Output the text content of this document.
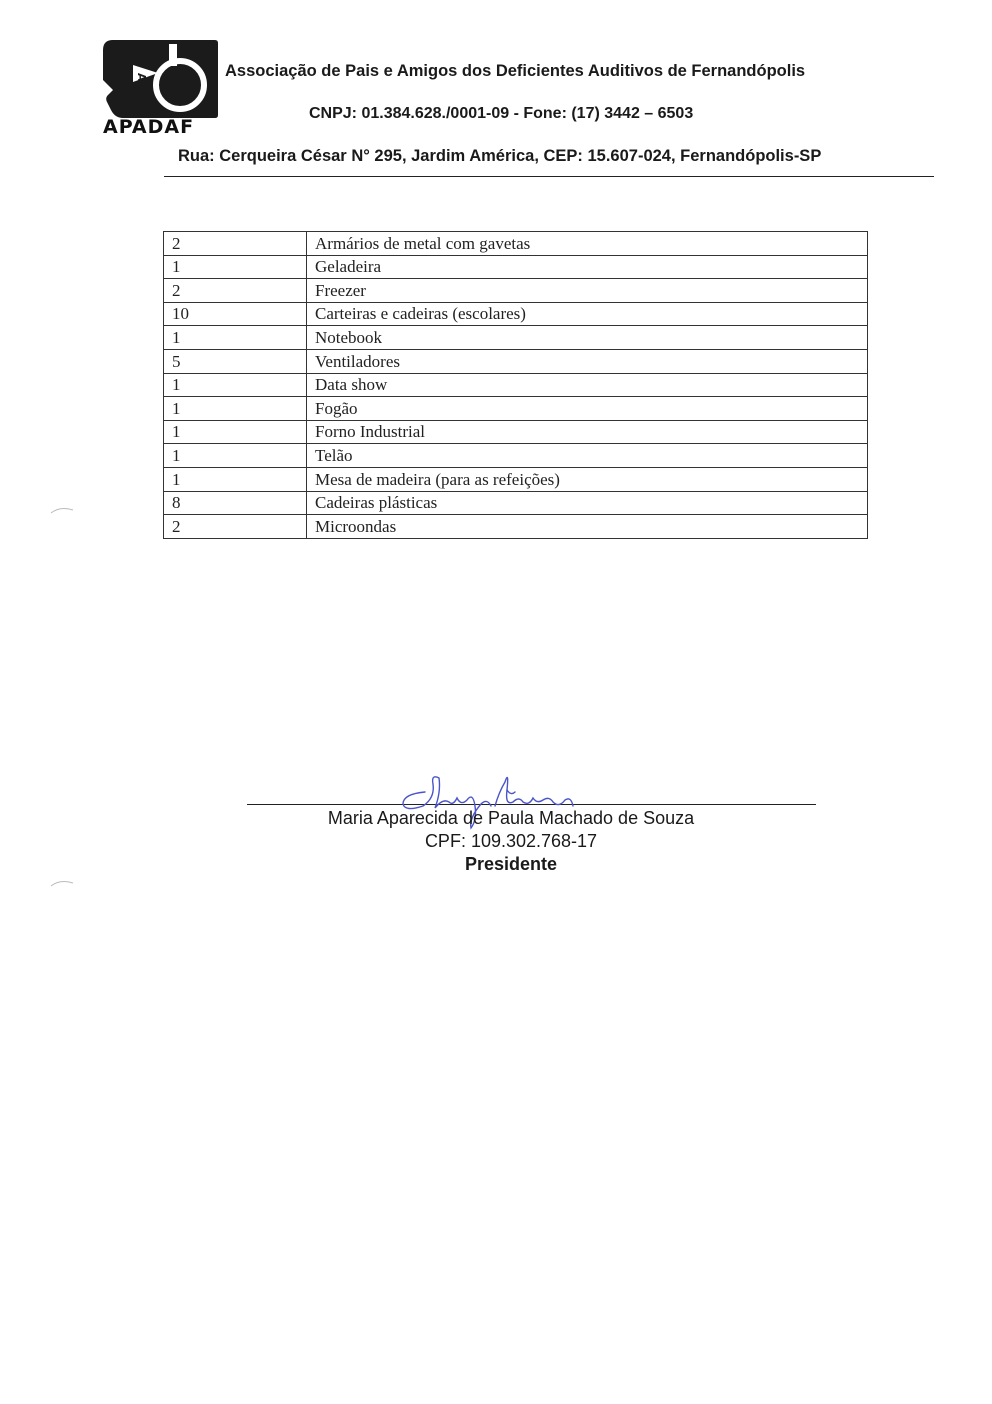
A
APADAF
Associação de Pais e Amigos dos Deficientes Auditivos de Fernandópolis
CNPJ: 01.384.628./0001-09 - Fone: (17) 3442 – 6503
Rua: Cerqueira César N° 295, Jardim América, CEP: 15.607-024, Fernandópolis-SP
2	Armários de metal com gavetas
1	Geladeira
2	Freezer
10	Carteiras e cadeiras (escolares)
1	Notebook
5	Ventiladores
1	Data show
1	Fogão
1	Forno Industrial
1	Telão
1	Mesa de madeira (para as refeições)
8	Cadeiras plásticas
2	Microondas
Maria Aparecida de Paula Machado de Souza
CPF: 109.302.768-17
Presidente
